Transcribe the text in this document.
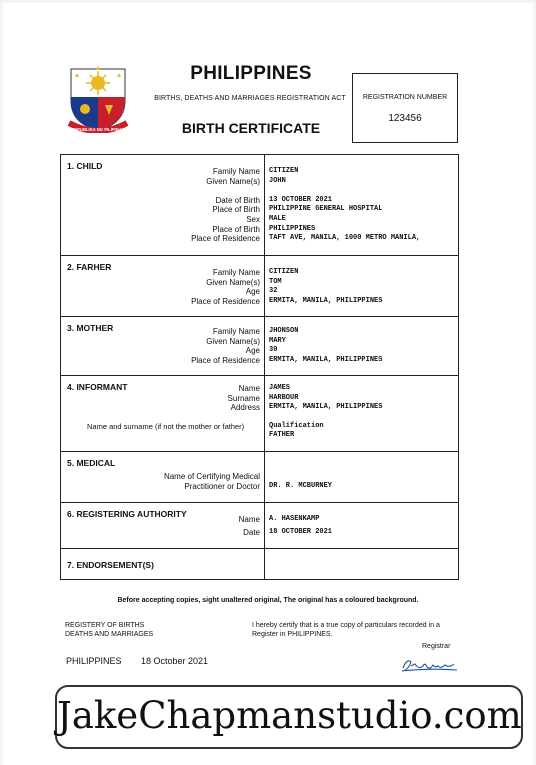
REPUBLIKA NG PILIPINAS
PHILIPPINES
BIRTHS, DEATHS AND MARRIAGES REGISTRATION ACT
BIRTH CERTIFICATE
REGISTRATION NUMBER
123456
1. CHILD
Family Name
Given Name(s)
Date of Birth
Place of Birth
Sex
Place of Birth
Place of Residence
CITIZEN
JOHN
13 OCTOBER 2021
PHILIPPINE GENERAL HOSPITAL
MALE
PHILIPPINES
TAFT AVE, MANILA, 1000 METRO MANILA,
2. FARHER
Family Name
Given Name(s)
Age
Place of Residence
CITIZEN
TOM
32
ERMITA, MANILA, PHILIPPINES
3. MOTHER	Family Name
Given Name(s)
Age
Place of Residence
JHONSON
MARY
30
ERMITA, MANILA, PHILIPPINES
4. INFORMANT	Name
Surname
Address
Name and surname (if not the mother or father)
JAMES
HARBOUR
ERMITA, MANILA, PHILIPPINES
Qualification
FATHER
5. MEDICAL
Name of Certifying Medical
Practitioner or Doctor DR. R. MCBURNEY
6. REGISTERING AUTHORITY
Name
Date
A. HASENKAMP
18 OCTOBER 2021
7. ENDORSEMENT(S)
Before accepting copies, sight unaltered original, The original has a coloured background.
REGISTERY OF BIRTHS
DEATHS AND MARRIAGES
I hereby certify that is a true copy of particulars recorded in a
Register in PHILIPPINES.
Registrar
PHILIPPINES 18 October 2021
JakeChapmanstudio.com
